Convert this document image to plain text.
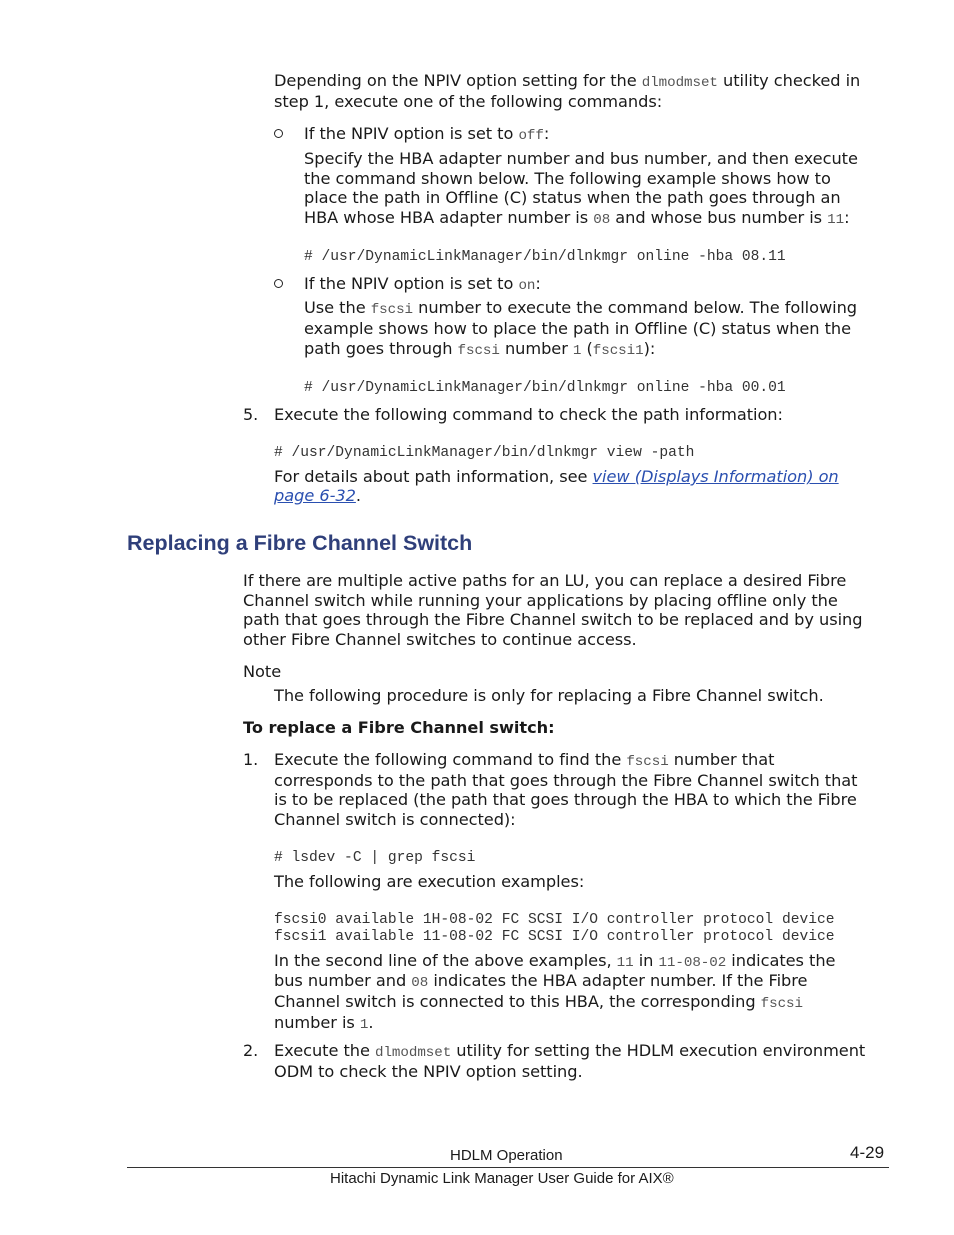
Depending on the NPIV option setting for the dlmodmset utility checked in
step 1, execute one of the following commands:
If the NPIV option is set to off:
Specify the HBA adapter number and bus number, and then execute
the command shown below. The following example shows how to
place the path in Offline (C) status when the path goes through an
HBA whose HBA adapter number is 08 and whose bus number is 11:
# /usr/DynamicLinkManager/bin/dlnkmgr online -hba 08.11
If the NPIV option is set to on:
Use the fscsi number to execute the command below. The following
example shows how to place the path in Offline (C) status when the
path goes through fscsi number 1 (fscsi1):
# /usr/DynamicLinkManager/bin/dlnkmgr online -hba 00.01
5. Execute the following command to check the path information:
# /usr/DynamicLinkManager/bin/dlnkmgr view -path
For details about path information, see view (Displays Information) on
page 6-32.
Replacing a Fibre Channel Switch
If there are multiple active paths for an LU, you can replace a desired Fibre
Channel switch while running your applications by placing offline only the
path that goes through the Fibre Channel switch to be replaced and by using
other Fibre Channel switches to continue access.
Note
The following procedure is only for replacing a Fibre Channel switch.
To replace a Fibre Channel switch:
1. Execute the following command to find the fscsi number that
corresponds to the path that goes through the Fibre Channel switch that
is to be replaced (the path that goes through the HBA to which the Fibre
Channel switch is connected):
# lsdev -C | grep fscsi
The following are execution examples:
fscsi0 available 1H-08-02 FC SCSI I/O controller protocol device
fscsi1 available 11-08-02 FC SCSI I/O controller protocol device
In the second line of the above examples, 11 in 11-08-02 indicates the
bus number and 08 indicates the HBA adapter number. If the Fibre
Channel switch is connected to this HBA, the corresponding fscsi
number is 1.
2. Execute the dlmodmset utility for setting the HDLM execution environment
ODM to check the NPIV option setting.
HDLM Operation	4-29
Hitachi Dynamic Link Manager User Guide for AIX®
